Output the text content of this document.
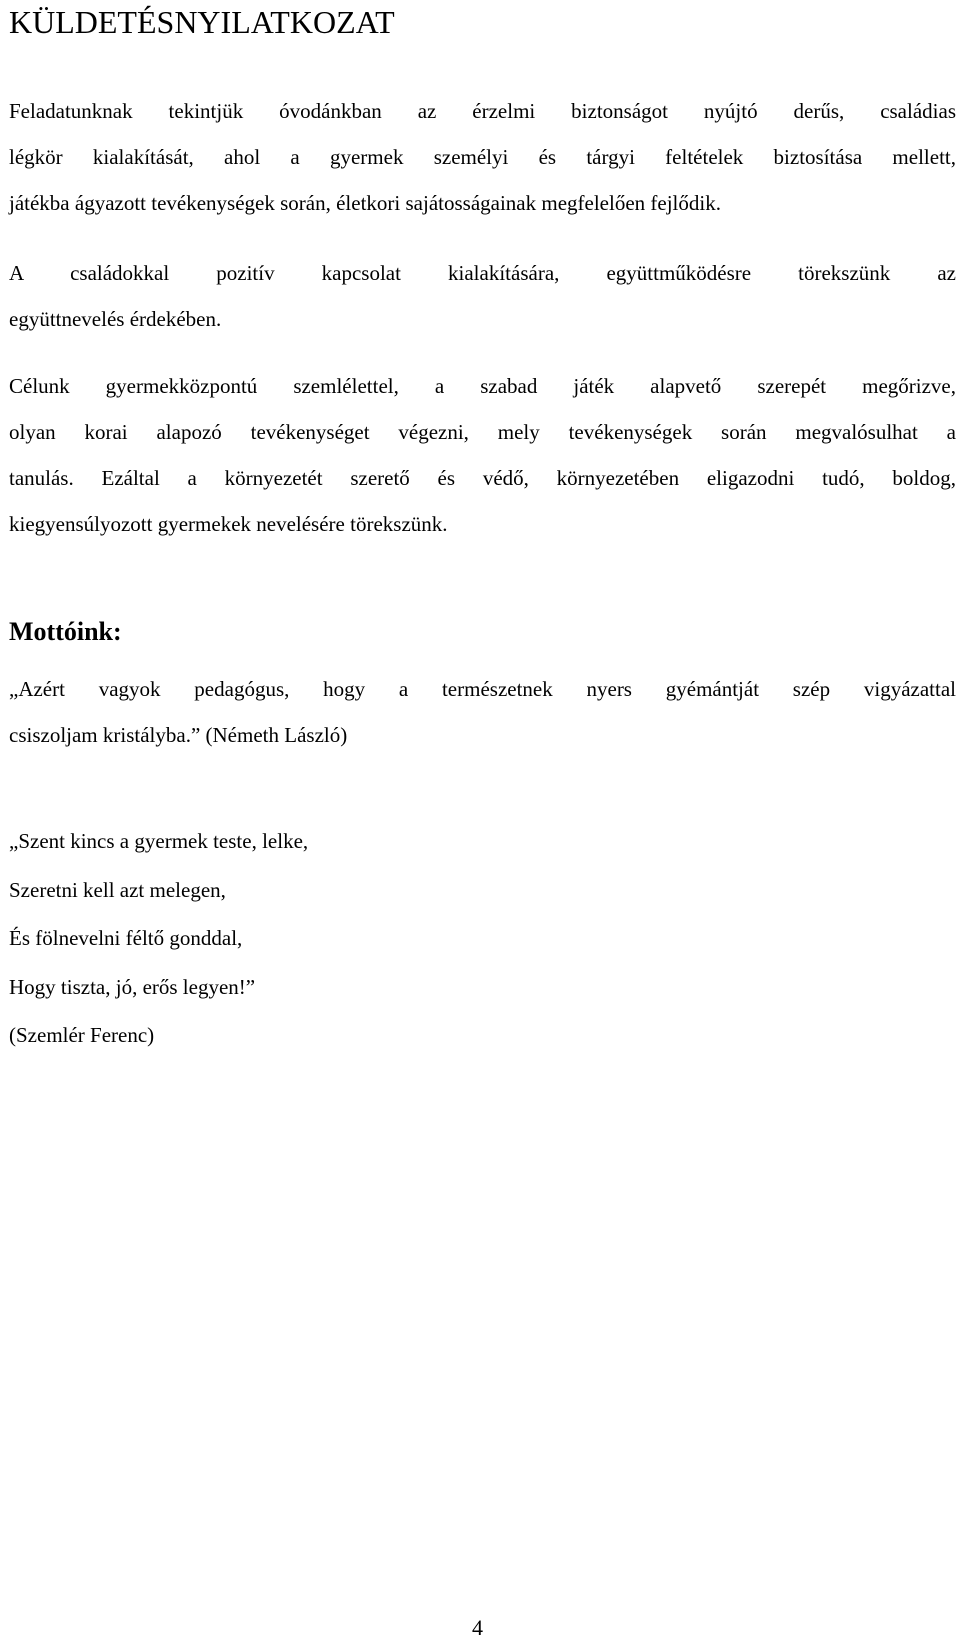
KÜLDETÉSNYILATKOZAT

Feladatunknak tekintjük óvodánkban az érzelmi biztonságot nyújtó derűs, családias
légkör kialakítását, ahol a gyermek személyi és tárgyi feltételek biztosítása mellett,
játékba ágyazott tevékenységek során, életkori sajátosságainak megfelelően fejlődik.

A családokkal pozitív kapcsolat kialakítására, együttműködésre törekszünk az
együttnevelés érdekében.

Célunk gyermekközpontú szemlélettel, a szabad játék alapvető szerepét megőrizve,
olyan korai alapozó tevékenységet végezni, mely tevékenységek során megvalósulhat a
tanulás. Ezáltal a környezetét szerető és védő, környezetében eligazodni tudó, boldog,
kiegyensúlyozott gyermekek nevelésére törekszünk.

Mottóink:

„Azért vagyok pedagógus, hogy a természetnek nyers gyémántját szép vigyázattal
csiszoljam kristályba.” (Németh László)

„Szent kincs a gyermek teste, lelke,
Szeretni kell azt melegen,
És fölnevelni féltő gonddal,
Hogy tiszta, jó, erős legyen!”
(Szemlér Ferenc)

4
